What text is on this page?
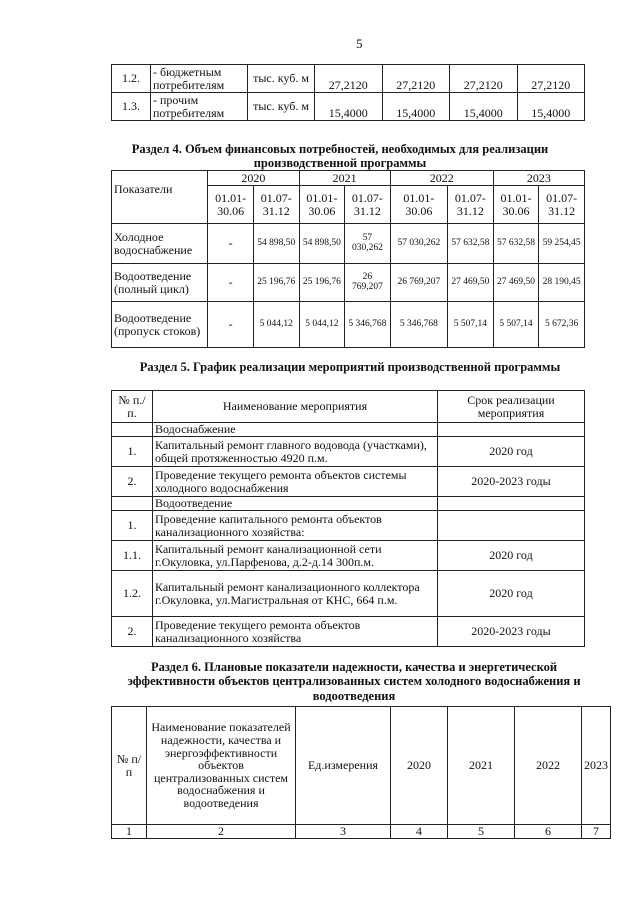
5
1.2.	- бюджетным потребителям	тыс. куб. м	27,2120	27,2120	27,2120	27,2120
1.3.	- прочим потребителям	тыс. куб. м	15,4000	15,4000	15,4000	15,4000
Раздел 4. Объем финансовых потребностей, необходимых для реализации производственной программы
Показатели	2020		2021		2022		2023	
	01.01-30.06	01.07-31.12	01.01-30.06	01.07-31.12	01.01-30.06	01.07-31.12	01.01-30.06	01.07-31.12
Холодное водоснабжение	-	54 898,50	54 898,50	57 030,262	57 030,262	57 632,58	57 632,58	59 254,45
Водоотведение (полный цикл)	-	25 196,76	25 196,76	26 769,207	26 769,207	27 469,50	27 469,50	28 190,45
Водоотведение (пропуск стоков)	-	5 044,12	5 044,12	5 346,768	5 346,768	5 507,14	5 507,14	5 672,36
Раздел 5. График реализации мероприятий производственной программы
№ п./п.	Наименование мероприятия	Срок реализации мероприятия
	Водоснабжение	
1.	Капитальный ремонт главного водовода (участками), общей протяженностью 4920 п.м.	2020 год
2.	Проведение текущего ремонта объектов системы холодного водоснабжения	2020-2023 годы
	Водоотведение	
1.	Проведение капитального ремонта объектов канализационного хозяйства:	
1.1.	Капитальный ремонт канализационной сети г.Окуловка, ул.Парфенова, д.2-д.14 300п.м.	2020 год
1.2.	Капитальный ремонт канализационного коллектора г.Окуловка, ул.Магистральная от КНС, 664 п.м.	2020 год
2.	Проведение текущего ремонта объектов канализационного хозяйства	2020-2023 годы
Раздел 6. Плановые показатели надежности, качества и энергетической эффективности объектов централизованных систем холодного водоснабжения и водоотведения
№ п/п	Наименование показателей надежности, качества и энергоэффективности объектов централизованных систем водоснабжения и водоотведения	Ед.измерения	2020	2021	2022	2023
1	2	3	4	5	6	7
